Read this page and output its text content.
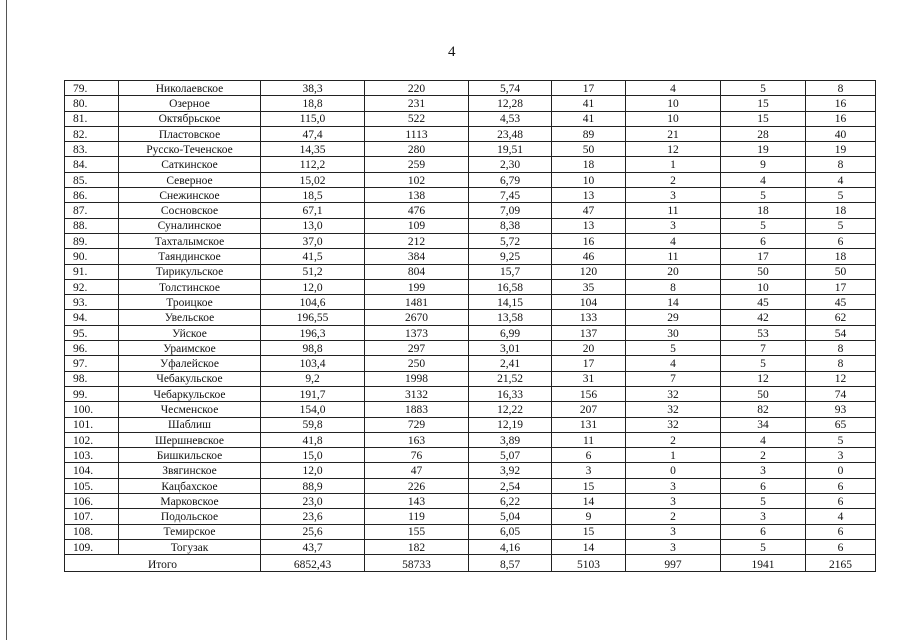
4
79.	Николаевское	38,3	220	5,74	17	4	5	8
80.	Озерное	18,8	231	12,28	41	10	15	16
81.	Октябрьское	115,0	522	4,53	41	10	15	16
82.	Пластовское	47,4	1113	23,48	89	21	28	40
83.	Русско-Теченское	14,35	280	19,51	50	12	19	19
84.	Саткинское	112,2	259	2,30	18	1	9	8
85.	Северное	15,02	102	6,79	10	2	4	4
86.	Снежинское	18,5	138	7,45	13	3	5	5
87.	Сосновское	67,1	476	7,09	47	11	18	18
88.	Суналинское	13,0	109	8,38	13	3	5	5
89.	Тахталымское	37,0	212	5,72	16	4	6	6
90.	Таяндинское	41,5	384	9,25	46	11	17	18
91.	Тирикульское	51,2	804	15,7	120	20	50	50
92.	Толстинское	12,0	199	16,58	35	8	10	17
93.	Троицкое	104,6	1481	14,15	104	14	45	45
94.	Увельское	196,55	2670	13,58	133	29	42	62
95.	Уйское	196,3	1373	6,99	137	30	53	54
96.	Ураимское	98,8	297	3,01	20	5	7	8
97.	Уфалейское	103,4	250	2,41	17	4	5	8
98.	Чебакульское	9,2	1998	21,52	31	7	12	12
99.	Чебаркульское	191,7	3132	16,33	156	32	50	74
100.	Чесменское	154,0	1883	12,22	207	32	82	93
101.	Шаблиш	59,8	729	12,19	131	32	34	65
102.	Шершневское	41,8	163	3,89	11	2	4	5
103.	Бишкильское	15,0	76	5,07	6	1	2	3
104.	Звягинское	12,0	47	3,92	3	0	3	0
105.	Кацбахское	88,9	226	2,54	15	3	6	6
106.	Марковское	23,0	143	6,22	14	3	5	6
107.	Подольское	23,6	119	5,04	9	2	3	4
108.	Темирское	25,6	155	6,05	15	3	6	6
109.	Тогузак	43,7	182	4,16	14	3	5	6
Итого		6852,43	58733	8,57	5103	997	1941	2165
